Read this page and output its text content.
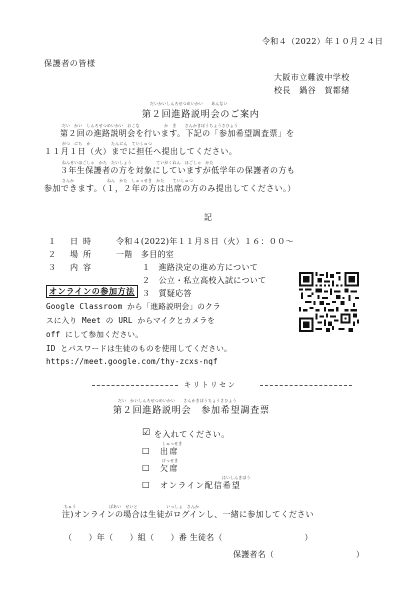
令和４（2022）年１０月２４日
保護者の皆様
大阪市立難波中学校
校長　鍋谷　賀都緒
だいかいしんろせつめいかい　　あんない
第２回進路説明会のご案内
だい　かい　しんろせつめいかい　おこな　　　　　　か　き　　さんかきぼうちょうさひょう
第２回の進路説明会を行います。下記の「参加希望調査票」を
がつ　にち　か　　　　　たんにん　ていしゅつ
１１月１日（火）までに担任へ提出してください。
ねんせいほごしゃ　かた　たいしょう　　　　　　ていがくねん　ほごしゃ　かた
３年生保護者の方を対象にしていますが低学年の保護者の方も
さんか　　　　　　　　ねん　かた　しゅっせき　かた　　ていしゅつ
参加できます。（１，２年の方は出席の方のみ提出してください。）
記
１ 日時	令和４(2022)年１１月８日（火）１６：００～
２ 場所	一階　多目的室
３ 内容	１　進路決定の進め方について
２　公立・私立高校入試について
３　質疑応答
オンラインの参加方法
Google Classroom から「進路説明会」のクラ
スに入り Meet の URL からマイクとカメラを
off にして参加ください。
ID とパスワードは生徒のものを使用してください。
https://meet.google.com/thy-zcxs-nqf
キリトリセン
だい　かいしんろせつめいかい　　さんかきぼうちょうさひょう
第２回進路説明会　参加希望調査票
☑ を入れてください。
□
しゅっせき
出席
□
けっせき
欠席
□
はいしんきぼう
オンライン配信希望
ちゅう　　　　　　　　ばあい　せいと　　　　　　　いっしょ　さんか
注)オンラインの場合は生徒がログインし、一緒に参加してください
（　　）年（　　）組（　　）番 生徒名（　　　　　　　　　　）
保護者名（　　　　　　　　　　）
